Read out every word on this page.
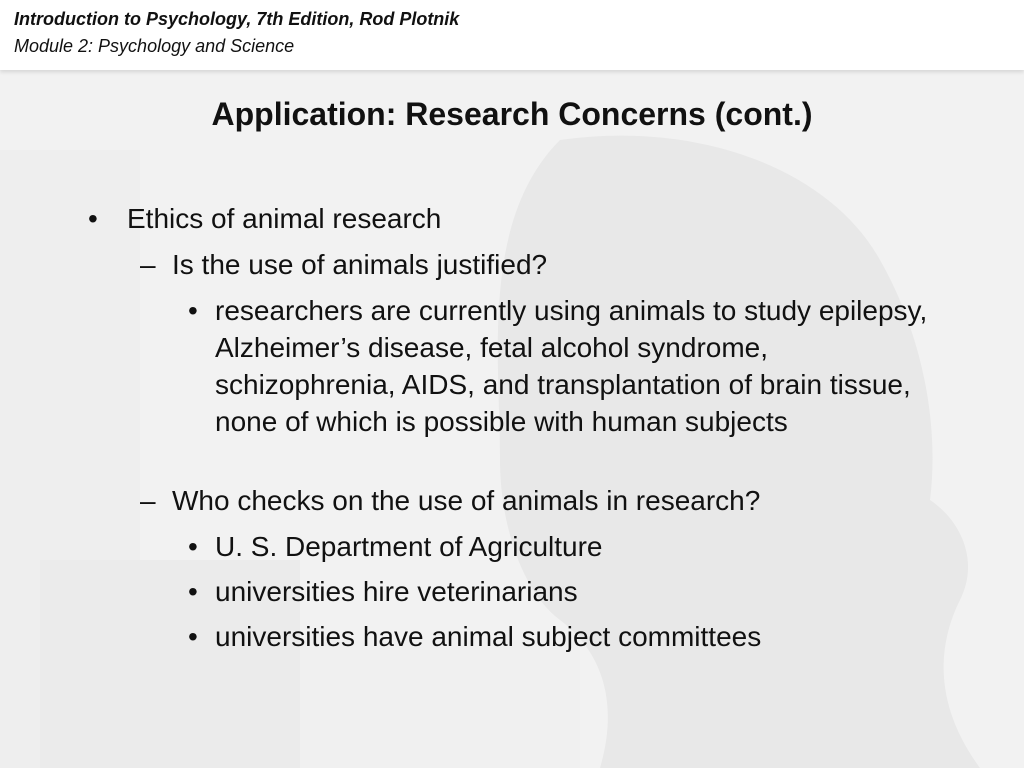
Introduction to Psychology, 7th Edition, Rod Plotnik
Module 2: Psychology and Science
Application: Research Concerns (cont.)
• Ethics of animal research
– Is the use of animals justified?
• researchers are currently using animals to study epilepsy, Alzheimer’s disease, fetal alcohol syndrome, schizophrenia, AIDS, and transplantation of brain tissue, none of which is possible with human subjects
– Who checks on the use of animals in research?
• U. S. Department of Agriculture
• universities hire veterinarians
• universities have animal subject committees
